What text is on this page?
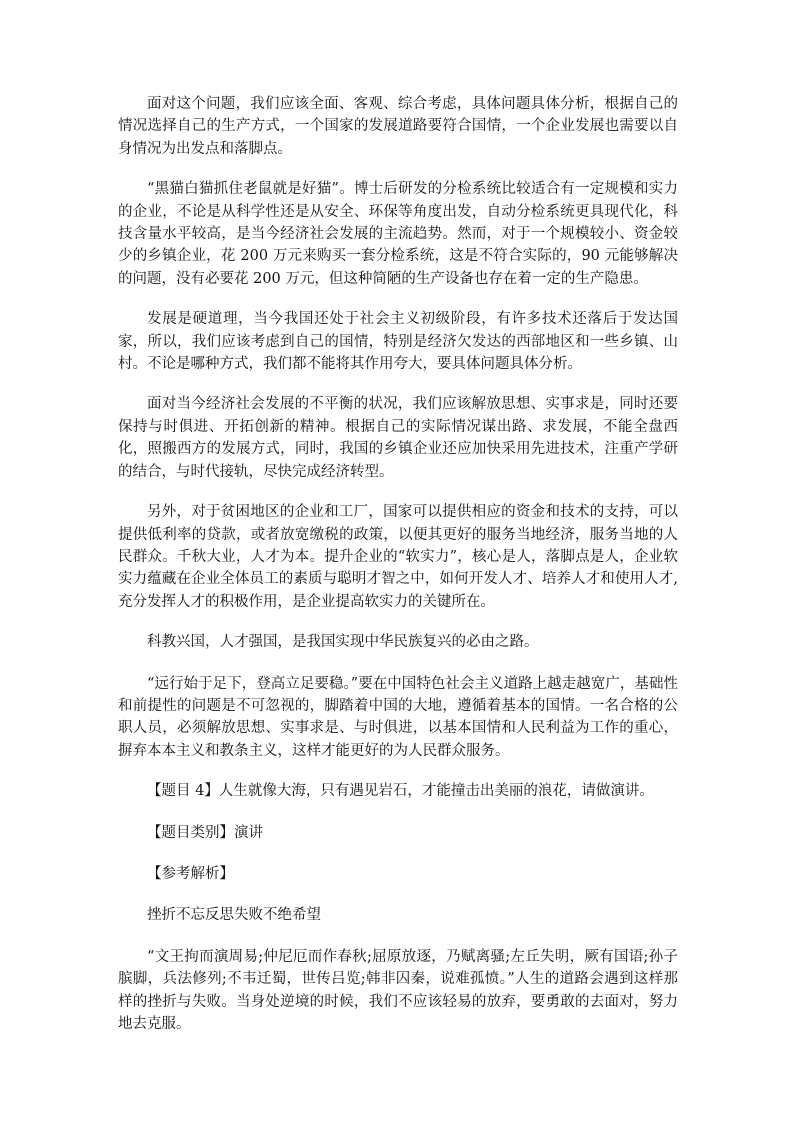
面对这个问题，我们应该全面、客观、综合考虑，具体问题具体分析，根据自己的情况选择自己的生产方式，一个国家的发展道路要符合国情，一个企业发展也需要以自身情况为出发点和落脚点。

“黑猫白猫抓住老鼠就是好猫”。博士后研发的分检系统比较适合有一定规模和实力的企业，不论是从科学性还是从安全、环保等角度出发，自动分检系统更具现代化，科技含量水平较高，是当今经济社会发展的主流趋势。然而，对于一个规模较小、资金较少的乡镇企业，花 200 万元来购买一套分检系统，这是不符合实际的，90 元能够解决的问题，没有必要花 200 万元，但这种简陋的生产设备也存在着一定的生产隐患。

发展是硬道理，当今我国还处于社会主义初级阶段，有许多技术还落后于发达国家，所以，我们应该考虑到自己的国情，特别是经济欠发达的西部地区和一些乡镇、山村。不论是哪种方式，我们都不能将其作用夸大，要具体问题具体分析。

面对当今经济社会发展的不平衡的状况，我们应该解放思想、实事求是，同时还要保持与时俱进、开拓创新的精神。根据自己的实际情况谋出路、求发展，不能全盘西化，照搬西方的发展方式，同时，我国的乡镇企业还应加快采用先进技术，注重产学研的结合，与时代接轨，尽快完成经济转型。

另外，对于贫困地区的企业和工厂，国家可以提供相应的资金和技术的支持，可以提供低利率的贷款，或者放宽缴税的政策，以便其更好的服务当地经济，服务当地的人民群众。千秋大业，人才为本。提升企业的“软实力”，核心是人，落脚点是人，企业软实力蕴藏在企业全体员工的素质与聪明才智之中，如何开发人才、培养人才和使用人才,充分发挥人才的积极作用，是企业提高软实力的关键所在。

科教兴国，人才强国，是我国实现中华民族复兴的必由之路。

“远行始于足下，登高立足要稳。”要在中国特色社会主义道路上越走越宽广，基础性和前提性的问题是不可忽视的，脚踏着中国的大地，遵循着基本的国情。一名合格的公职人员，必须解放思想、实事求是、与时俱进，以基本国情和人民利益为工作的重心，摒弃本本主义和教条主义，这样才能更好的为人民群众服务。

【题目 4】人生就像大海，只有遇见岩石，才能撞击出美丽的浪花，请做演讲。

【题目类别】演讲

【参考解析】

挫折不忘反思失败不绝希望

“文王拘而演周易;仲尼厄而作春秋;屈原放逐，乃赋离骚;左丘失明，厥有国语;孙子膑脚，兵法修列;不韦迁蜀，世传吕览;韩非囚秦，说难孤愤。”人生的道路会遇到这样那样的挫折与失败。当身处逆境的时候，我们不应该轻易的放弃，要勇敢的去面对，努力地去克服。
